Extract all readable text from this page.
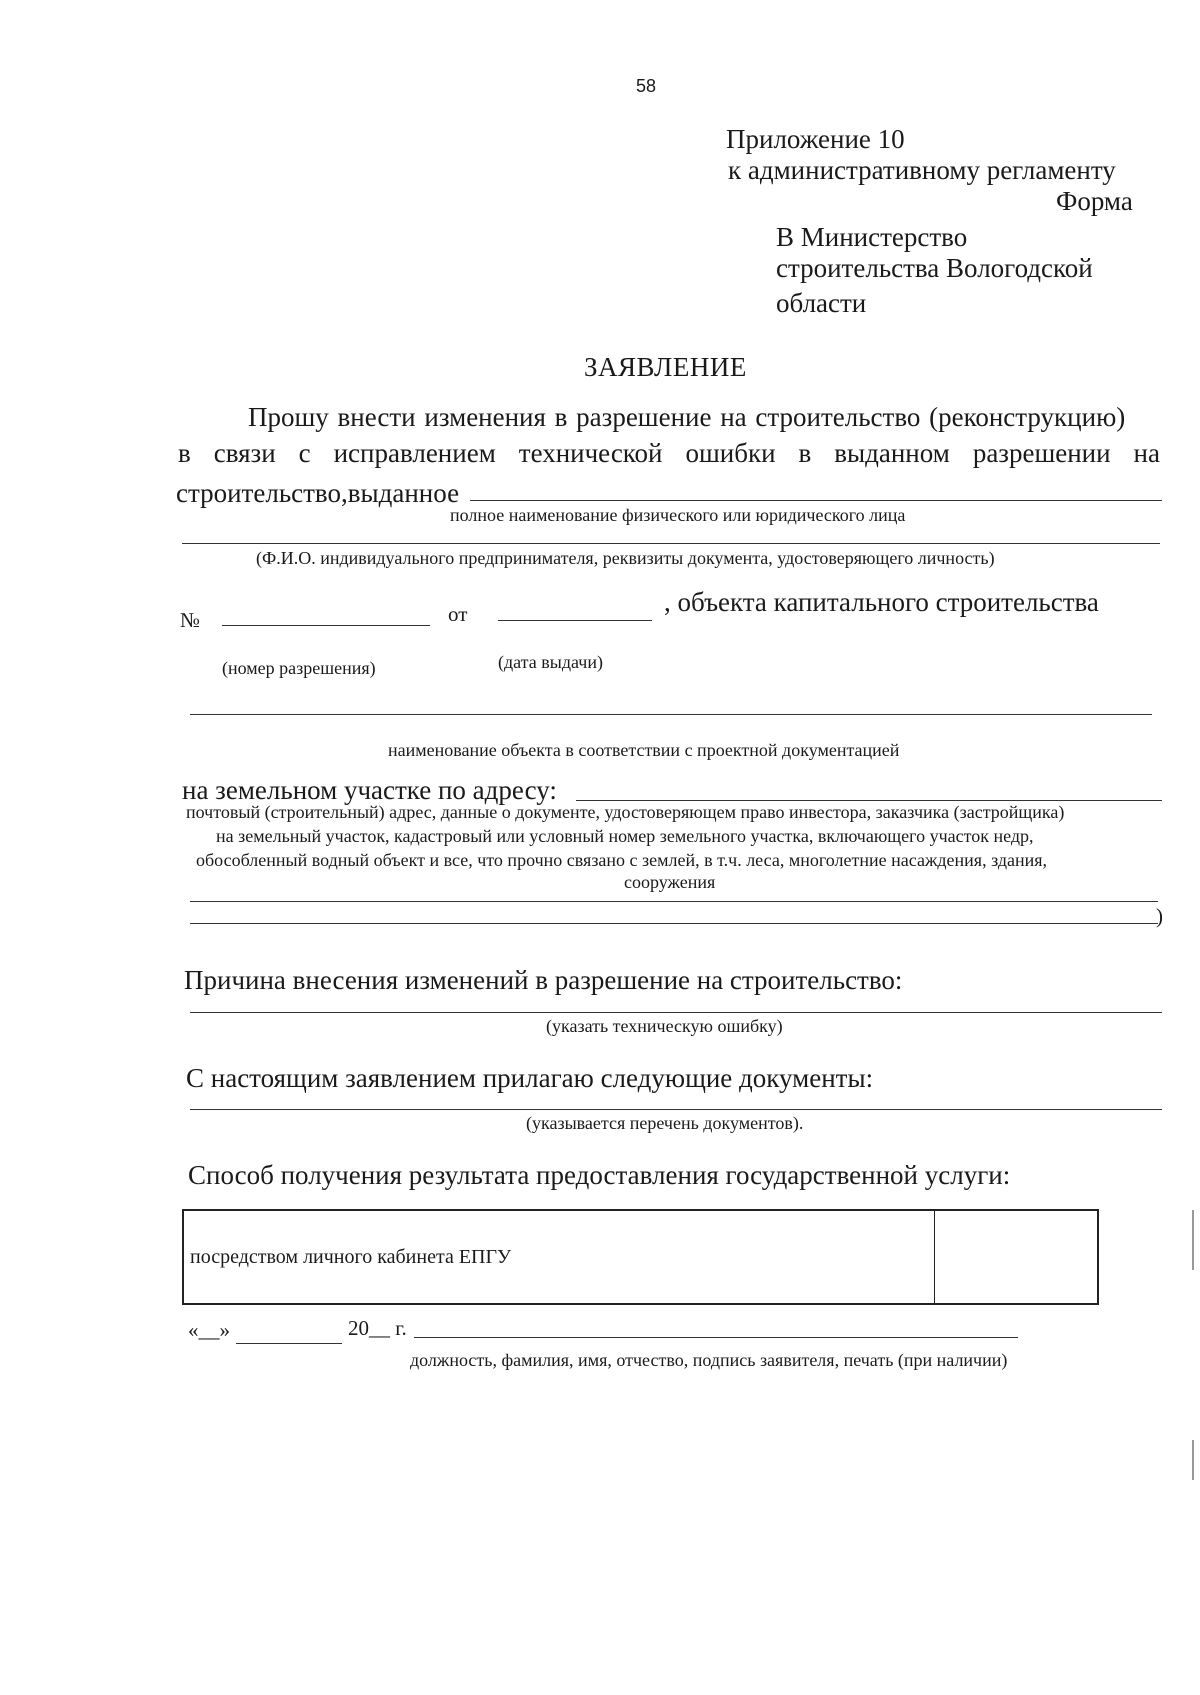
58
Приложение 10
к административному регламенту
Форма
В Министерство
строительства Вологодской
области
ЗАЯВЛЕНИЕ
Прошу внести изменения в разрешение на строительство (реконструкцию)
в связи с исправлением технической ошибки в выданном разрешении на
строительство,выданное
полное наименование физического или юридического лица
(Ф.И.О. индивидуального предпринимателя, реквизиты документа, удостоверяющего личность)
№	от	, объекта капитального строительства
(номер разрешения)	(дата выдачи)
наименование объекта в соответствии с проектной документацией
на земельном участке по адресу:
почтовый (строительный) адрес, данные о документе, удостоверяющем право инвестора, заказчика (застройщика)
на земельный участок, кадастровый или условный номер земельного участка, включающего участок недр,
обособленный водный объект и все, что прочно связано с землей, в т.ч. леса, многолетние насаждения, здания,
сооружения
)
Причина внесения изменений в разрешение на строительство:
(указать техническую ошибку)
С настоящим заявлением прилагаю следующие документы:
(указывается перечень документов).
Способ получения результата предоставления государственной услуги:
посредством личного кабинета ЕПГУ	
«__»	20__ г.
должность, фамилия, имя, отчество, подпись заявителя, печать (при наличии)
